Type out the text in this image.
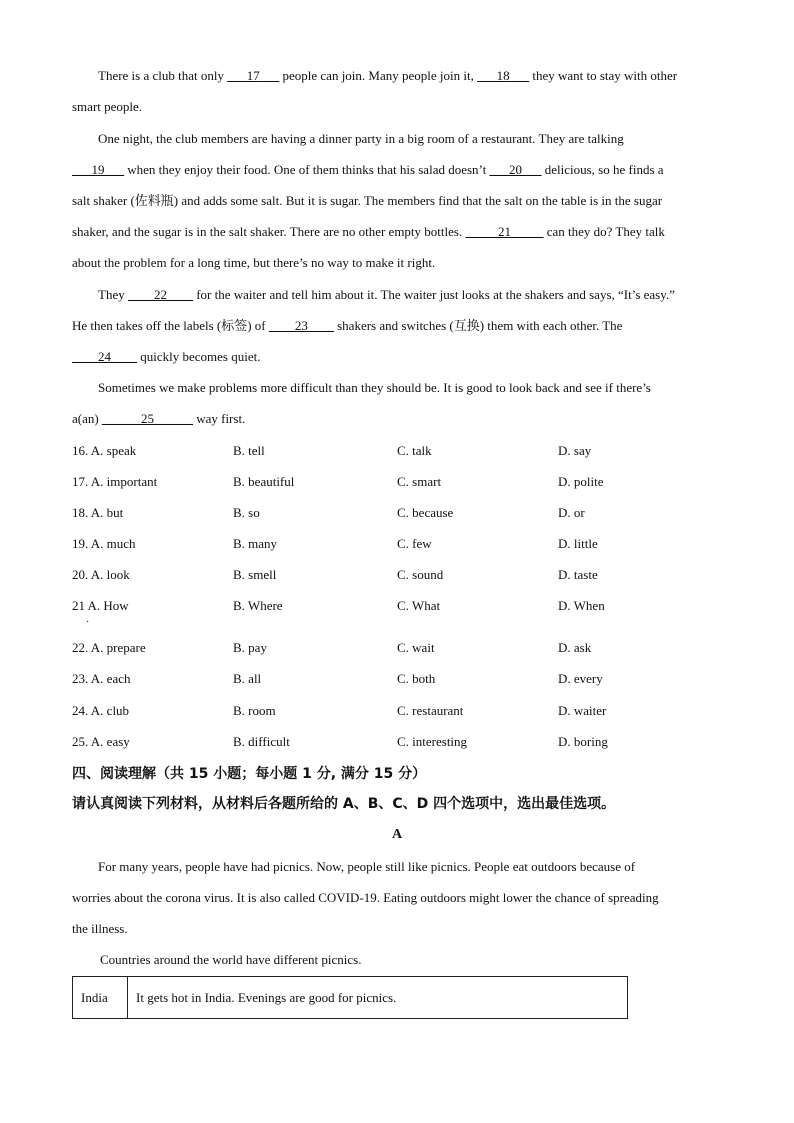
There is a club that only ___17___ people can join. Many people join it, ___18___ they want to stay with other
smart people.
One night, the club members are having a dinner party in a big room of a restaurant. They are talking
___19___ when they enjoy their food. One of them thinks that his salad doesn’t ___20___ delicious, so he finds a
salt shaker (佐料瓶) and adds some salt. But it is sugar. The members find that the salt on the table is in the sugar
shaker, and the sugar is in the salt shaker. There are no other empty bottles. _____21_____ can they do? They talk
about the problem for a long time, but there’s no way to make it right.
They ____22____ for the waiter and tell him about it. The waiter just looks at the shakers and says, “It’s easy.”
He then takes off the labels (标签) of ____23____ shakers and switches (互换) them with each other. The
____24____ quickly becomes quiet.
Sometimes we make problems more difficult than they should be. It is good to look back and see if there’s
a(an) ______25______ way first.
16. A. speak	B. tell	C. talk	D. say
17. A. important	B. beautiful	C. smart	D. polite
18. A. but	B. so	C. because	D. or
19. A. much	B. many	C. few	D. little
20. A. look	B. smell	C. sound	D. taste
21 A. How	B. Where	C. What	D. When
·
22. A. prepare	B. pay	C. wait	D. ask
23. A. each	B. all	C. both	D. every
24. A. club	B. room	C. restaurant	D. waiter
25. A. easy	B. difficult	C. interesting	D. boring
四、阅读理解（共 15 小题；每小题 1 分, 满分 15 分）
请认真阅读下列材料，从材料后各题所给的 A、B、C、D 四个选项中，选出最佳选项。
A
For many years, people have had picnics. Now, people still like picnics. People eat outdoors because of
worries about the corona virus. It is also called COVID-19. Eating outdoors might lower the chance of spreading
the illness.
Countries around the world have different picnics.
India	It gets hot in India. Evenings are good for picnics.
